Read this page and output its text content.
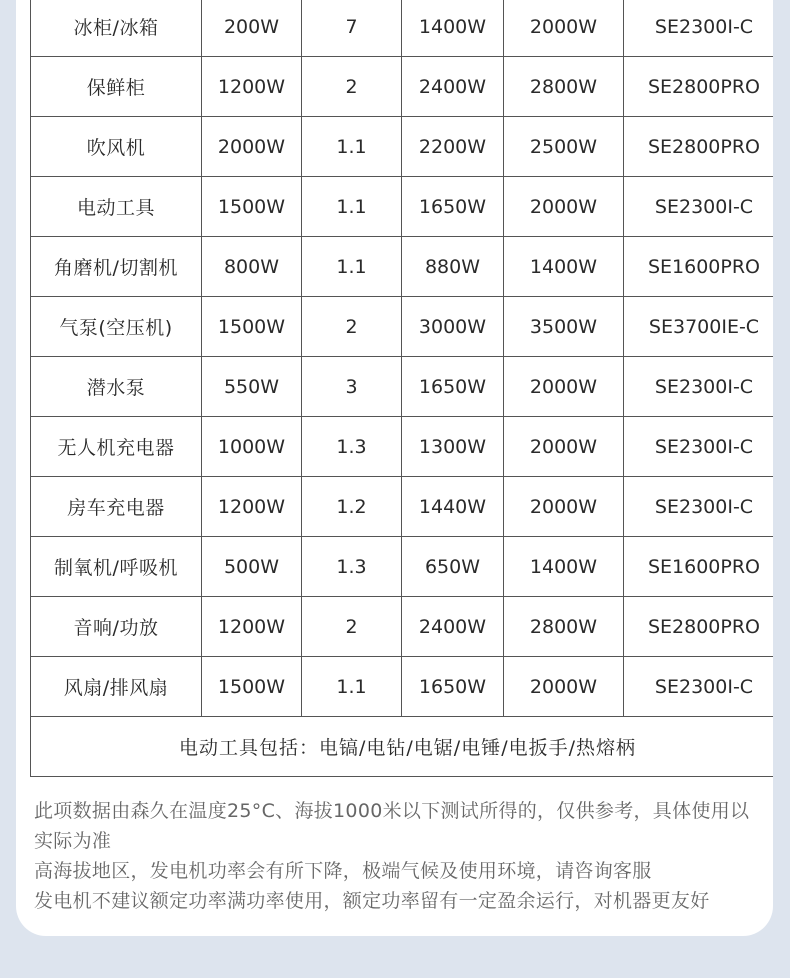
冰柜/冰箱	200W	7	1400W	2000W	SE2300I-C
保鲜柜	1200W	2	2400W	2800W	SE2800PRO
吹风机	2000W	1.1	2200W	2500W	SE2800PRO
电动工具	1500W	1.1	1650W	2000W	SE2300I-C
角磨机/切割机	800W	1.1	880W	1400W	SE1600PRO
气泵(空压机)	1500W	2	3000W	3500W	SE3700IE-C
潜水泵	550W	3	1650W	2000W	SE2300I-C
无人机充电器	1000W	1.3	1300W	2000W	SE2300I-C
房车充电器	1200W	1.2	1440W	2000W	SE2300I-C
制氧机/呼吸机	500W	1.3	650W	1400W	SE1600PRO
音响/功放	1200W	2	2400W	2800W	SE2800PRO
风扇/排风扇	1500W	1.1	1650W	2000W	SE2300I-C
电动工具包括：电镐/电钻/电锯/电锤/电扳手/热熔柄					

此项数据由森久在温度25°C、海拔1000米以下测试所得的，仅供参考，具体使用以实际为准

高海拔地区，发电机功率会有所下降，极端气候及使用环境，请咨询客服

发电机不建议额定功率满功率使用，额定功率留有一定盈余运行，对机器更友好
